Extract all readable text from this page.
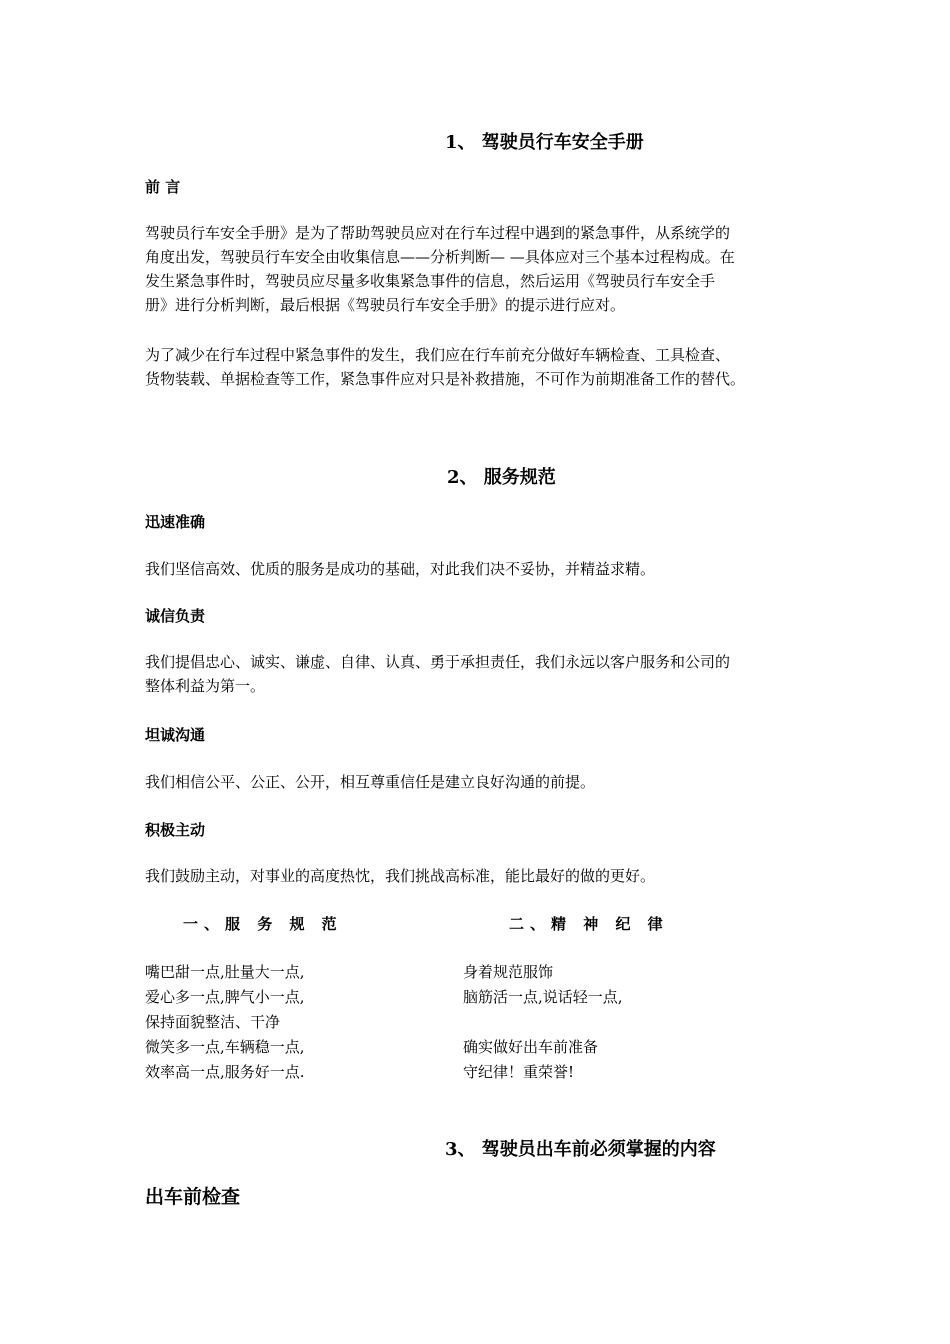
1、 驾驶员行车安全手册
前 言
驾驶员行车安全手册》是为了帮助驾驶员应对在行车过程中遇到的紧急事件，从系统学的
角度出发，驾驶员行车安全由收集信息——分析判断— —具体应对三个基本过程构成。在
发生紧急事件时，驾驶员应尽量多收集紧急事件的信息，然后运用《驾驶员行车安全手
册》进行分析判断，最后根据《驾驶员行车安全手册》的提示进行应对。
为了减少在行车过程中紧急事件的发生，我们应在行车前充分做好车辆检查、工具检查、
货物装载、单据检查等工作，紧急事件应对只是补救措施，不可作为前期准备工作的替代。
2、 服务规范
迅速准确
我们坚信高效、优质的服务是成功的基础，对此我们决不妥协，并精益求精。
诚信负责
我们提倡忠心、诚实、谦虚、自律、认真、勇于承担责任，我们永远以客户服务和公司的
整体利益为第一。
坦诚沟通
我们相信公平、公正、公开，相互尊重信任是建立良好沟通的前提。
积极主动
我们鼓励主动，对事业的高度热忱，我们挑战高标准，能比最好的做的更好。
一、服 务 规 范	二、精 神 纪 律
嘴巴甜一点,肚量大一点,
爱心多一点,脾气小一点,
保持面貌整洁、干净
微笑多一点,车辆稳一点,
效率高一点,服务好一点.
身着规范服饰
脑筋活一点,说话轻一点,
确实做好出车前准备
守纪律！重荣誉!
3、 驾驶员出车前必须掌握的内容
出车前检查
